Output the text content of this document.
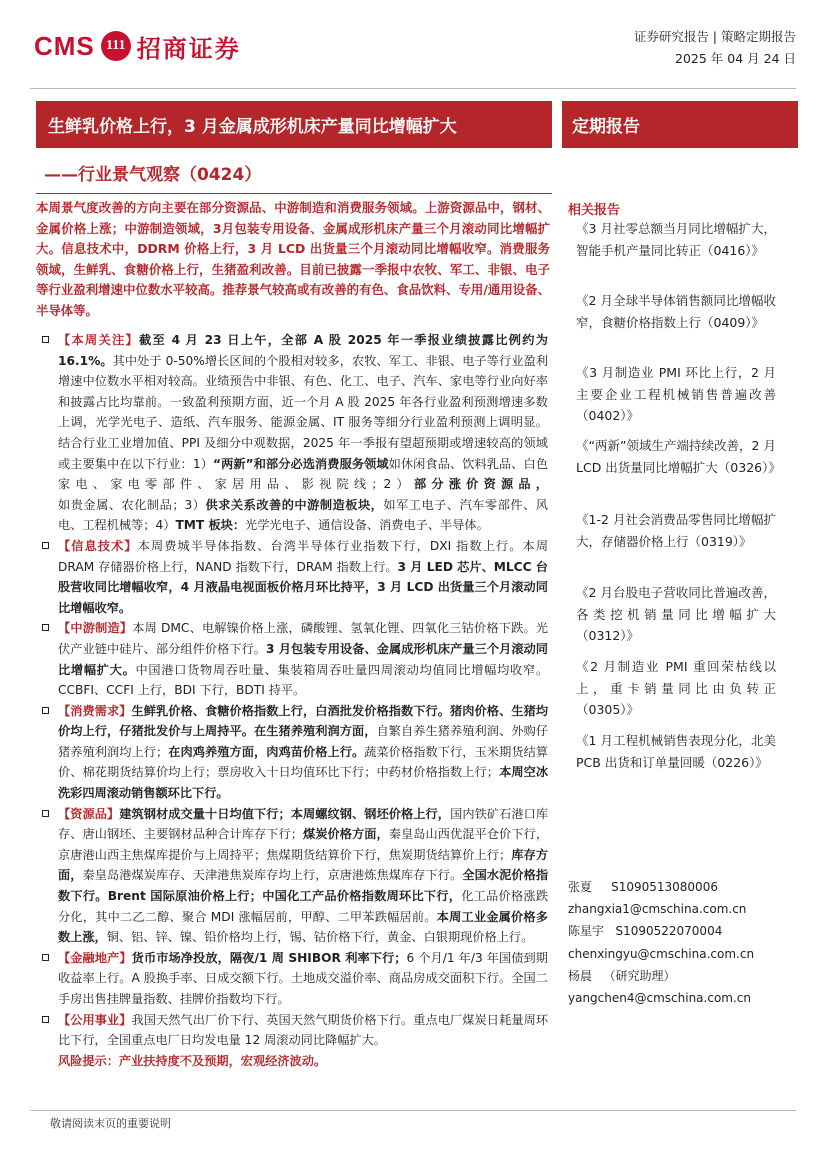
CMS 111 招商证券	证券研究报告 | 策略定期报告
2025 年 04 月 24 日
生鲜乳价格上行，3 月金属成形机床产量同比增幅扩大	定期报告
——行业景气观察（0424）
本周景气度改善的方向主要在部分资源品、中游制造和消费服务领域。上游资源品中，钢材、金属价格上涨；中游制造领域，3月包装专用设备、金属成形机床产量三个月滚动同比增幅扩大。信息技术中，DDRM 价格上行，3 月 LCD 出货量三个月滚动同比增幅收窄。消费服务领域，生鲜乳、食糖价格上行，生猪盈利改善。目前已披露一季报中农牧、军工、非银、电子等行业盈利增速中位数水平较高。推荐景气较高或有改善的有色、食品饮料、专用/通用设备、半导体等。
【本周关注】截至 4 月 23 日上午，全部 A 股 2025 年一季报业绩披露比例约为 16.1%。其中处于 0-50%增长区间的个股相对较多，农牧、军工、非银、电子等行业盈利增速中位数水平相对较高。业绩预告中非银、有色、化工、电子、汽车、家电等行业向好率和披露占比均靠前。一致盈利预期方面，近一个月 A 股 2025 年各行业盈利预测增速多数上调，光学光电子、造纸、汽车服务、能源金属、IT 服务等细分行业盈利预测上调明显。结合行业工业增加值、PPI 及细分中观数据，2025 年一季报有望超预期或增速较高的领域或主要集中在以下行业：1）“两新”和部分必选消费服务领域如休闲食品、饮料乳品、白色家电、家电零部件、家居用品、影视院线；2）部分涨价资源品，如贵金属、农化制品；3）供求关系改善的中游制造板块，如军工电子、汽车零部件、风电、工程机械等；4）TMT 板块：光学光电子、通信设备、消费电子、半导体。
【信息技术】本周费城半导体指数、台湾半导体行业指数下行，DXI 指数上行。本周 DRAM 存储器价格上行，NAND 指数下行，DRAM 指数上行。3 月 LED 芯片、MLCC 台股营收同比增幅收窄，4 月液晶电视面板价格月环比持平，3 月 LCD 出货量三个月滚动同比增幅收窄。
【中游制造】本周 DMC、电解镍价格上涨，磷酸锂、氢氧化锂、四氧化三钴价格下跌。光伏产业链中硅片、部分组件价格下行。3 月包装专用设备、金属成形机床产量三个月滚动同比增幅扩大。中国港口货物周吞吐量、集装箱周吞吐量四周滚动均值同比增幅均收窄。CCBFI、CCFI 上行，BDI 下行，BDTI 持平。
【消费需求】生鲜乳价格、食糖价格指数上行，白酒批发价格指数下行。猪肉价格、生猪均价均上行，仔猪批发价与上周持平。在生猪养殖利润方面，自繁自养生猪养殖利润、外购仔猪养殖利润均上行；在肉鸡养殖方面，肉鸡苗价格上行。蔬菜价格指数下行，玉米期货结算价、棉花期货结算价均上行；票房收入十日均值环比下行；中药材价格指数上行；本周空冰洗彩四周滚动销售额环比下行。
【资源品】建筑钢材成交量十日均值下行；本周螺纹钢、钢坯价格上行，国内铁矿石港口库存、唐山钢坯、主要钢材品种合计库存下行；煤炭价格方面，秦皇岛山西优混平仓价下行，京唐港山西主焦煤库提价与上周持平；焦煤期货结算价下行，焦炭期货结算价上行；库存方面，秦皇岛港煤炭库存、天津港焦炭库存均上行，京唐港炼焦煤库存下行。全国水泥价格指数下行。Brent 国际原油价格上行；中国化工产品价格指数周环比下行，化工品价格涨跌分化，其中二乙二醇、聚合 MDI 涨幅居前，甲醇、二甲苯跌幅居前。本周工业金属价格多数上涨，铜、铝、锌、镍、铅价格均上行，锡、钴价格下行，黄金、白银期现价格上行。
【金融地产】货币市场净投放，隔夜/1 周 SHIBOR 利率下行；6 个月/1 年/3 年国债到期收益率上行。A 股换手率、日成交额下行。土地成交溢价率、商品房成交面积下行。全国二手房出售挂牌量指数、挂牌价指数均下行。
【公用事业】我国天然气出厂价下行、英国天然气期货价格下行。重点电厂煤炭日耗量周环比下行，全国重点电厂日均发电量 12 周滚动同比降幅扩大。
风险提示：产业扶持度不及预期，宏观经济波动。
相关报告
《3 月社零总额当月同比增幅扩大，智能手机产量同比转正（0416）》
《2 月全球半导体销售额同比增幅收窄，食糖价格指数上行（0409）》
《3 月制造业 PMI 环比上行，2 月主要企业工程机械销售普遍改善（0402）》
《“两新”领域生产端持续改善，2 月 LCD 出货量同比增幅扩大（0326）》
《1-2 月社会消费品零售同比增幅扩大，存储器价格上行（0319）》
《2 月台股电子营收同比普遍改善，各类挖机销量同比增幅扩大（0312）》
《2 月制造业 PMI 重回荣枯线以上，重卡销量同比由负转正（0305）》
《1 月工程机械销售表现分化，北美 PCB 出货和订单量回暖（0226）》
张夏 S1090513080006
zhangxia1@cmschina.com.cn
陈星宇 S1090522070004
chenxingyu@cmschina.com.cn
杨晨 （研究助理）
yangchen4@cmschina.com.cn
敬请阅读末页的重要说明
